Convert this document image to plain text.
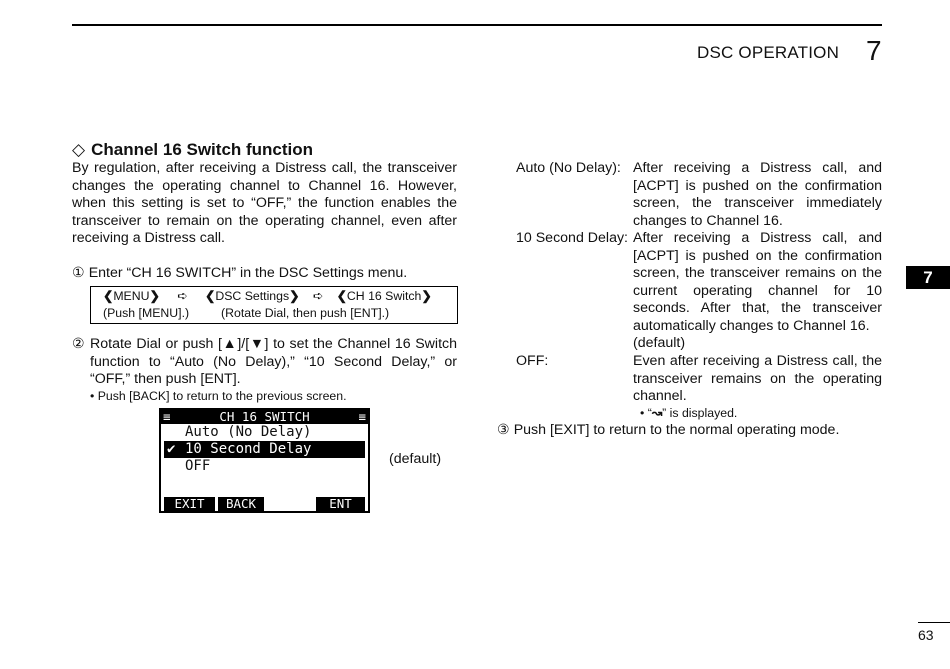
DSC OPERATION 7
7
◇ Channel 16 Switch function
By regulation, after receiving a Distress call, the transceiver changes the operating channel to Channel 16. However, when this setting is set to “OFF,” the function enables the transceiver to remain on the operating channel, even after receiving a Distress call.
① Enter “CH 16 SWITCH” in the DSC Settings menu.
❮MENU❯ ➪ ❮DSC Settings❯ ➪ ❮CH 16 Switch❯
(Push [MENU].)	(Rotate Dial, then push [ENT].)
② Rotate Dial or push [▲]/[▼] to set the Channel 16 Switch function to “Auto (No Delay),” “10 Second Delay,” or “OFF,” then push [ENT].
• Push [BACK] to return to the previous screen.
≡	CH 16 SWITCH	≡
Auto (No Delay)
✔ 10 Second Delay
OFF
EXIT	BACK	ENT
(default)
Auto (No Delay): After receiving a Distress call, and [ACPT] is pushed on the confirmation screen, the transceiver immediately changes to Channel 16.
10 Second Delay: After receiving a Distress call, and [ACPT] is pushed on the confirmation screen, the transceiver remains on the current operating channel for 10 seconds. After that, the transceiver automatically changes to Channel 16.
(default)
OFF:	Even after receiving a Distress call, the transceiver remains on the operating channel.
• “↝” is displayed.
③ Push [EXIT] to return to the normal operating mode.
63
